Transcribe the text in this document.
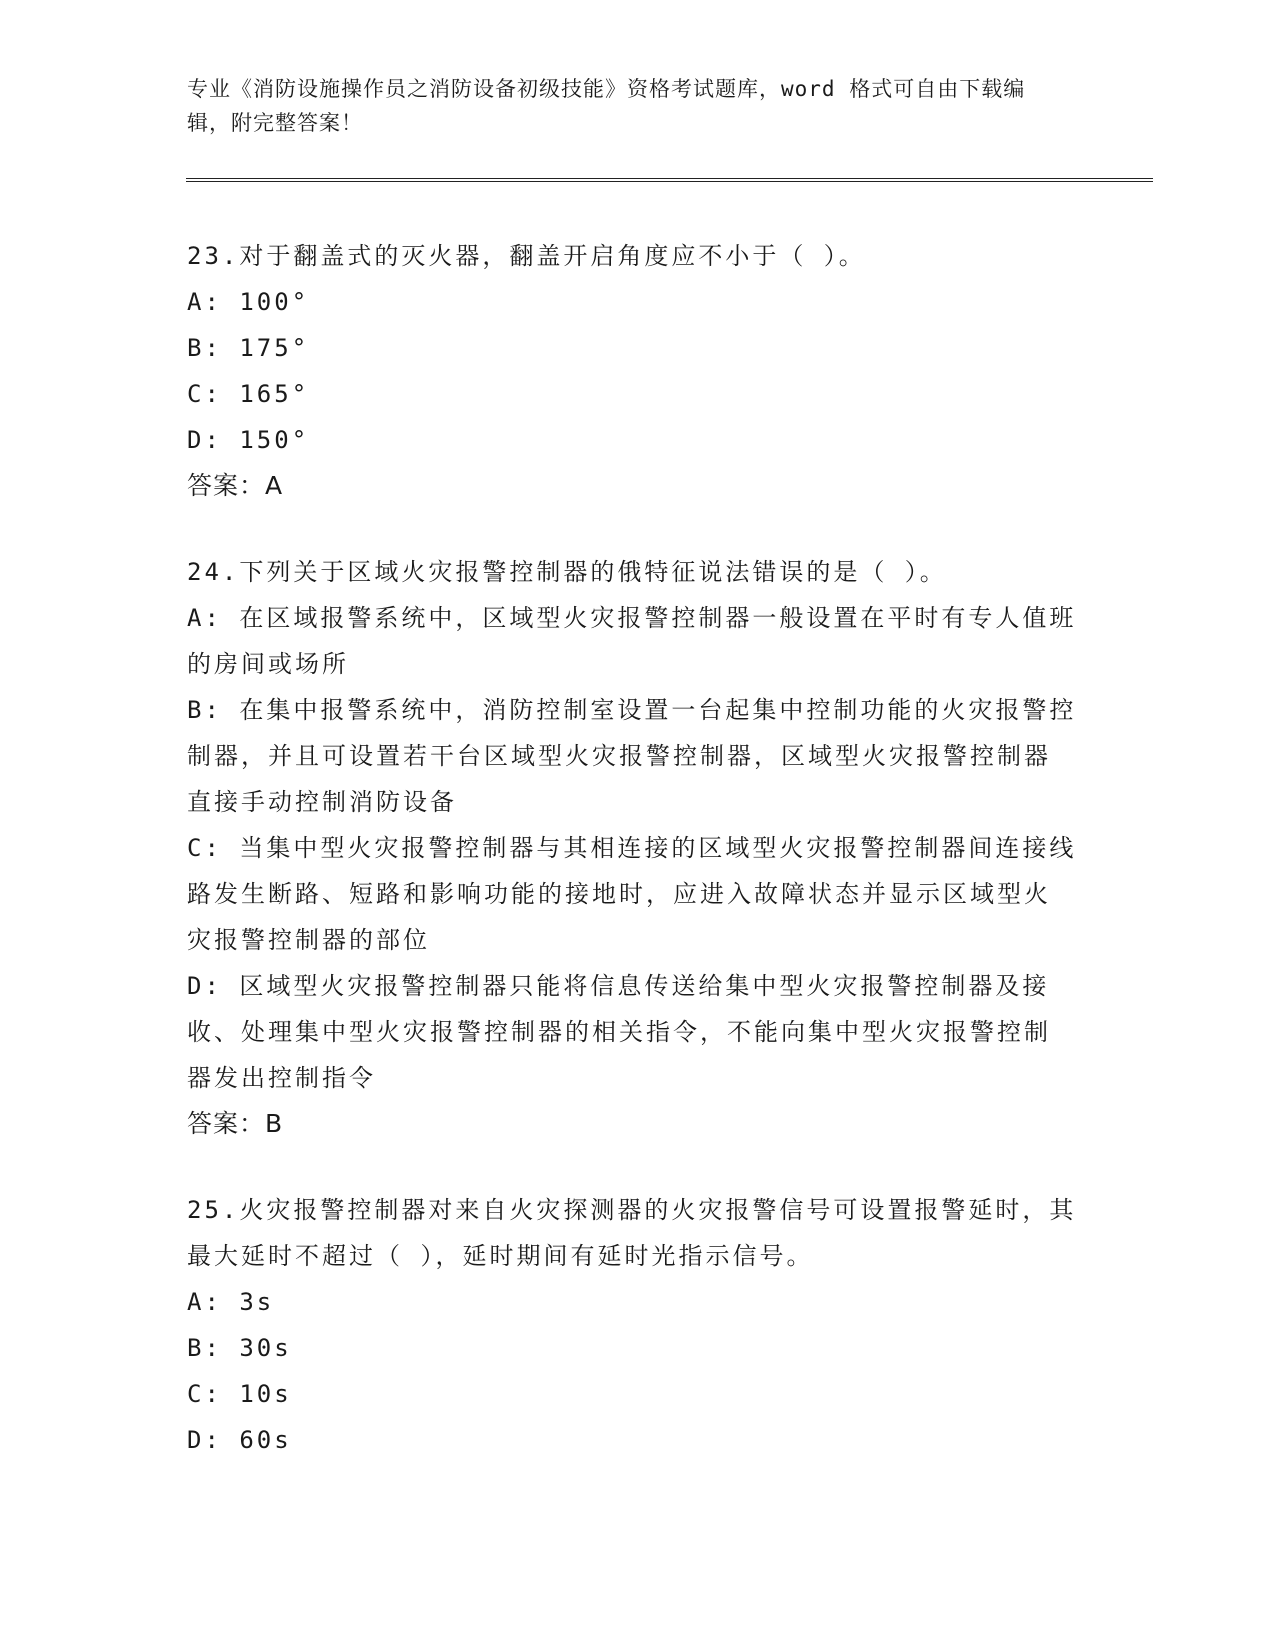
专业《消防设施操作员之消防设备初级技能》资格考试题库，word 格式可自由下载编辑，附完整答案！

23.对于翻盖式的灭火器，翻盖开启角度应不小于（ ）。

A: 100°

B: 175°

C: 165°

D: 150°

答案：A

24.下列关于区域火灾报警控制器的俄特征说法错误的是（ ）。

A: 在区域报警系统中，区域型火灾报警控制器一般设置在平时有专人值班的房间或场所

B: 在集中报警系统中，消防控制室设置一台起集中控制功能的火灾报警控制器，并且可设置若干台区域型火灾报警控制器，区域型火灾报警控制器直接手动控制消防设备

C: 当集中型火灾报警控制器与其相连接的区域型火灾报警控制器间连接线路发生断路、短路和影响功能的接地时，应进入故障状态并显示区域型火灾报警控制器的部位

D: 区域型火灾报警控制器只能将信息传送给集中型火灾报警控制器及接收、处理集中型火灾报警控制器的相关指令，不能向集中型火灾报警控制器发出控制指令

答案：B

25.火灾报警控制器对来自火灾探测器的火灾报警信号可设置报警延时，其最大延时不超过（ ），延时期间有延时光指示信号。

A: 3s

B: 30s

C: 10s

D: 60s
